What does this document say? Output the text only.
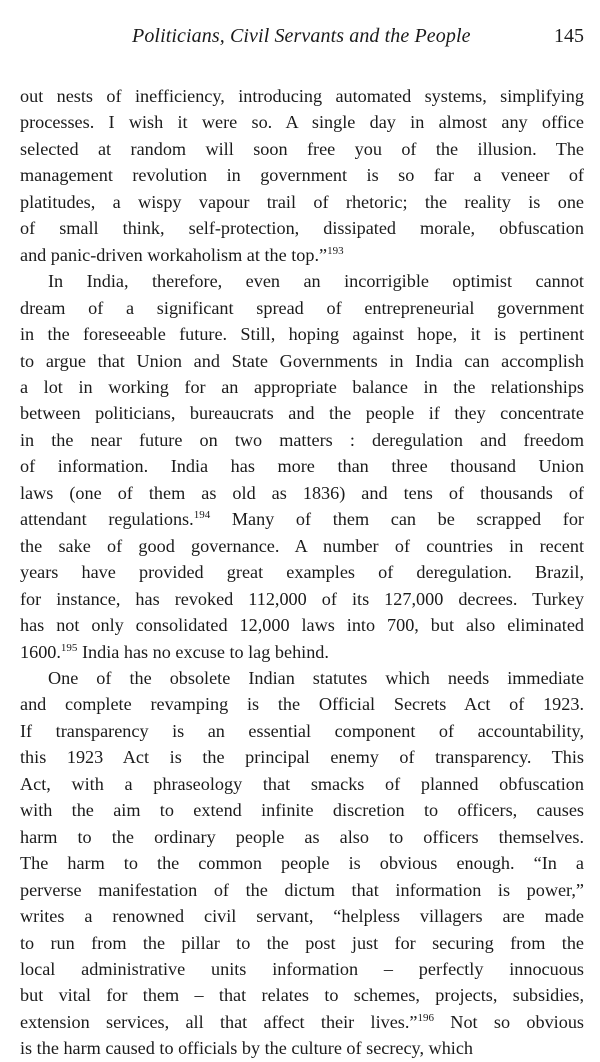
Politicians, Civil Servants and the People	145
out nests of inefficiency, introducing automated systems, simplifying
processes. I wish it were so. A single day in almost any office
selected at random will soon free you of the illusion. The
management revolution in government is so far a veneer of
platitudes, a wispy vapour trail of rhetoric; the reality is one
of small think, self-protection, dissipated morale, obfuscation
and panic-driven workaholism at the top.”$^{193}$
In India, therefore, even an incorrigible optimist cannot
dream of a significant spread of entrepreneurial government
in the foreseeable future. Still, hoping against hope, it is pertinent
to argue that Union and State Governments in India can accomplish
a lot in working for an appropriate balance in the relationships
between politicians, bureaucrats and the people if they concentrate
in the near future on two matters : deregulation and freedom
of information. India has more than three thousand Union
laws (one of them as old as 1836) and tens of thousands of
attendant regulations.$^{194}$ Many of them can be scrapped for
the sake of good governance. A number of countries in recent
years have provided great examples of deregulation. Brazil,
for instance, has revoked 112,000 of its 127,000 decrees. Turkey
has not only consolidated 12,000 laws into 700, but also eliminated
1600.$^{195}$ India has no excuse to lag behind.
One of the obsolete Indian statutes which needs immediate
and complete revamping is the Official Secrets Act of 1923.
If transparency is an essential component of accountability,
this 1923 Act is the principal enemy of transparency. This
Act, with a phraseology that smacks of planned obfuscation
with the aim to extend infinite discretion to officers, causes
harm to the ordinary people as also to officers themselves.
The harm to the common people is obvious enough. “In a
perverse manifestation of the dictum that information is power,”
writes a renowned civil servant, “helpless villagers are made
to run from the pillar to the post just for securing from the
local administrative units information – perfectly innocuous
but vital for them – that relates to schemes, projects, subsidies,
extension services, all that affect their lives.”$^{196}$ Not so obvious
is the harm caused to officials by the culture of secrecy, which
